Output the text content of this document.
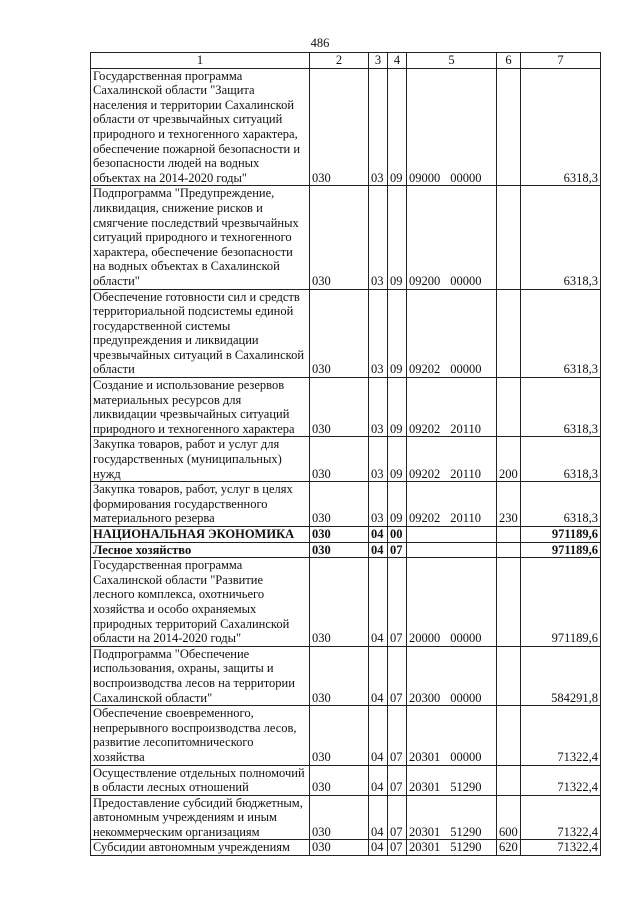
486
1	2	3	4	5	6	7
Государственная программа Сахалинской области "Защита населения и территории Сахалинской области от чрезвычайных ситуаций природного и техногенного характера, обеспечение пожарной безопасности и безопасности людей на водных объектах на 2014-2020 годы"	030	03	09	09000 00000		6318,3
Подпрограмма "Предупреждение, ликвидация, снижение рисков и смягчение последствий чрезвычайных ситуаций природного и техногенного характера, обеспечение безопасности на водных объектах в Сахалинской области"	030	03	09	09200 00000		6318,3
Обеспечение готовности сил и средств территориальной подсистемы единой государственной системы предупреждения и ликвидации чрезвычайных ситуаций в Сахалинской области	030	03	09	09202 00000		6318,3
Создание и использование резервов материальных ресурсов для ликвидации чрезвычайных ситуаций природного и техногенного характера	030	03	09	09202 20110		6318,3
Закупка товаров, работ и услуг для государственных (муниципальных) нужд	030	03	09	09202 20110	200	6318,3
Закупка товаров, работ, услуг в целях формирования государственного материального резерва	030	03	09	09202 20110	230	6318,3
НАЦИОНАЛЬНАЯ ЭКОНОМИКА	030	04	00			971189,6
Лесное хозяйство	030	04	07			971189,6
Государственная программа Сахалинской области "Развитие лесного комплекса, охотничьего хозяйства и особо охраняемых природных территорий Сахалинской области на 2014-2020 годы"	030	04	07	20000 00000		971189,6
Подпрограмма "Обеспечение использования, охраны, защиты и воспроизводства лесов на территории Сахалинской области"	030	04	07	20300 00000		584291,8
Обеспечение своевременного, непрерывного воспроизводства лесов, развитие лесопитомнического хозяйства	030	04	07	20301 00000		71322,4
Осуществление отдельных полномочий в области лесных отношений	030	04	07	20301 51290		71322,4
Предоставление субсидий бюджетным, автономным учреждениям и иным некоммерческим организациям	030	04	07	20301 51290	600	71322,4
Субсидии автономным учреждениям	030	04	07	20301 51290	620	71322,4
